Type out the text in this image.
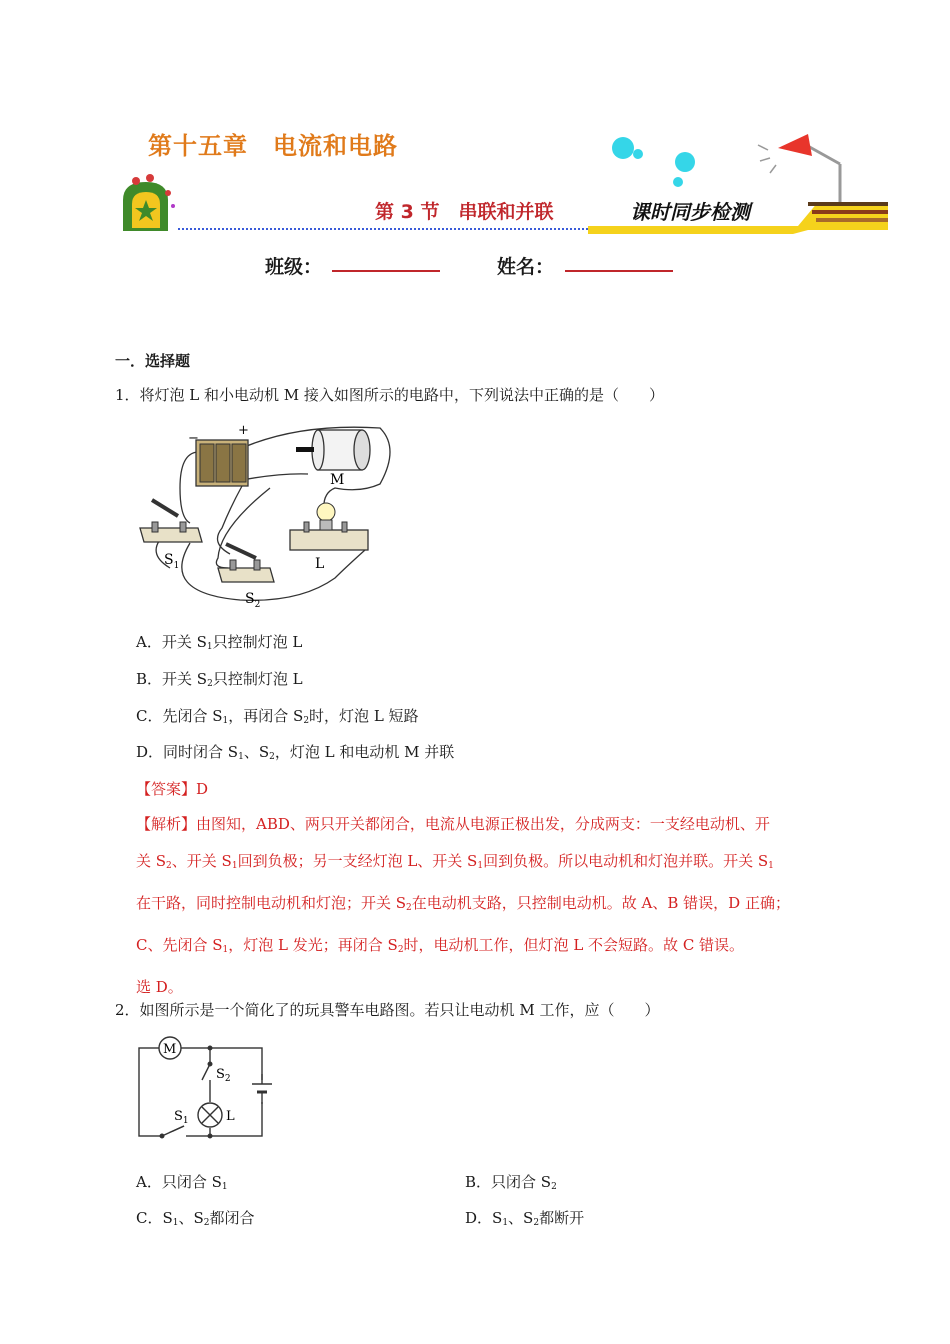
第十五章　电流和电路
第 3 节　串联和并联	课时同步检测
班级：	姓名：
一．选择题
1．将灯泡 L 和小电动机 M 接入如图所示的电路中，下列说法中正确的是（　　）
−
+
M
L
$S_1$
$S_2$
A．开关 $S_1$只控制灯泡 L
B．开关 $S_2$只控制灯泡 L
C．先闭合 $S_1$，再闭合 $S_2$时，灯泡 L 短路
D．同时闭合 $S_1$、$S_2$，灯泡 L 和电动机 M 并联
【答案】D

【解析】由图知，ABD、两只开关都闭合，电流从电源正极出发，分成两支：一支经电动机、开

关 $S_2$、开关 $S_1$回到负极；另一支经灯泡 L、开关 $S_1$回到负极。所以电动机和灯泡并联。开关 $S_1$

在干路，同时控制电动机和灯泡；开关 $S_2$在电动机支路，只控制电动机。故 A、B 错误，D 正确；

C、先闭合 $S_1$，灯泡 L 发光；再闭合 $S_2$时，电动机工作，但灯泡 L 不会短路。故 C 错误。

选 D。

2．如图所示是一个简化了的玩具警车电路图。若只让电动机 M 工作，应（　　）
M
$S_2$
$S_1$	L
A．只闭合 $S_1$	B．只闭合 $S_2$
C．$S_1$、$S_2$都闭合	D．$S_1$、$S_2$都断开
